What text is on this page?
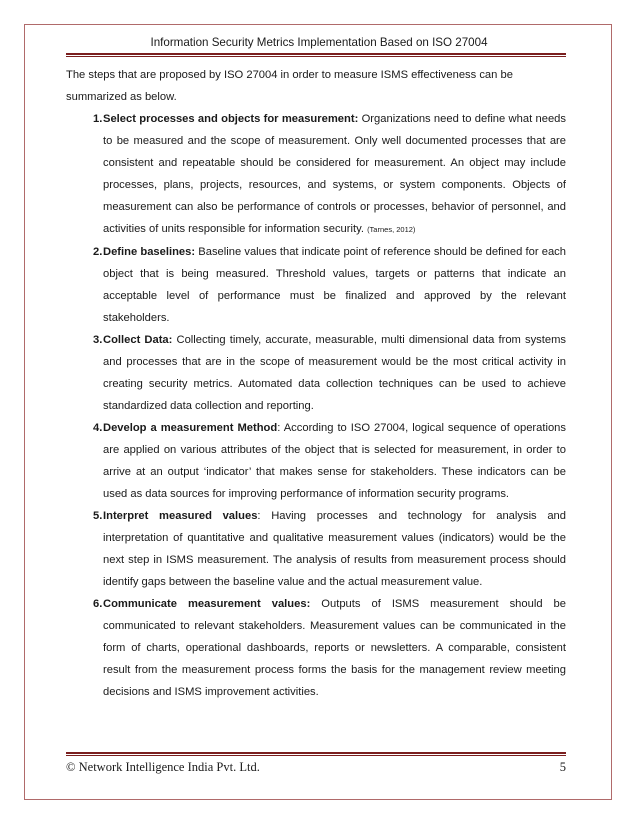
Information Security Metrics Implementation Based on ISO 27004

The steps that are proposed by ISO 27004 in order to measure ISMS effectiveness can be summarized as below.

1. Select processes and objects for measurement: Organizations need to define what needs to be measured and the scope of measurement. Only well documented processes that are consistent and repeatable should be considered for measurement. An object may include processes, plans, projects, resources, and systems, or system components. Objects of measurement can also be performance of controls or processes, behavior of personnel, and activities of units responsible for information security. (Tarnes, 2012)
2. Define baselines: Baseline values that indicate point of reference should be defined for each object that is being measured. Threshold values, targets or patterns that indicate an acceptable level of performance must be finalized and approved by the relevant stakeholders.
3. Collect Data: Collecting timely, accurate, measurable, multi dimensional data from systems and processes that are in the scope of measurement would be the most critical activity in creating security metrics. Automated data collection techniques can be used to achieve standardized data collection and reporting.
4. Develop a measurement Method: According to ISO 27004, logical sequence of operations are applied on various attributes of the object that is selected for measurement, in order to arrive at an output ‘indicator’ that makes sense for stakeholders. These indicators can be used as data sources for improving performance of information security programs.
5. Interpret measured values: Having processes and technology for analysis and interpretation of quantitative and qualitative measurement values (indicators) would be the next step in ISMS measurement. The analysis of results from measurement process should identify gaps between the baseline value and the actual measurement value.
6. Communicate measurement values: Outputs of ISMS measurement should be communicated to relevant stakeholders. Measurement values can be communicated in the form of charts, operational dashboards, reports or newsletters. A comparable, consistent result from the measurement process forms the basis for the management review meeting decisions and ISMS improvement activities.
© Network Intelligence India Pvt. Ltd.	5
